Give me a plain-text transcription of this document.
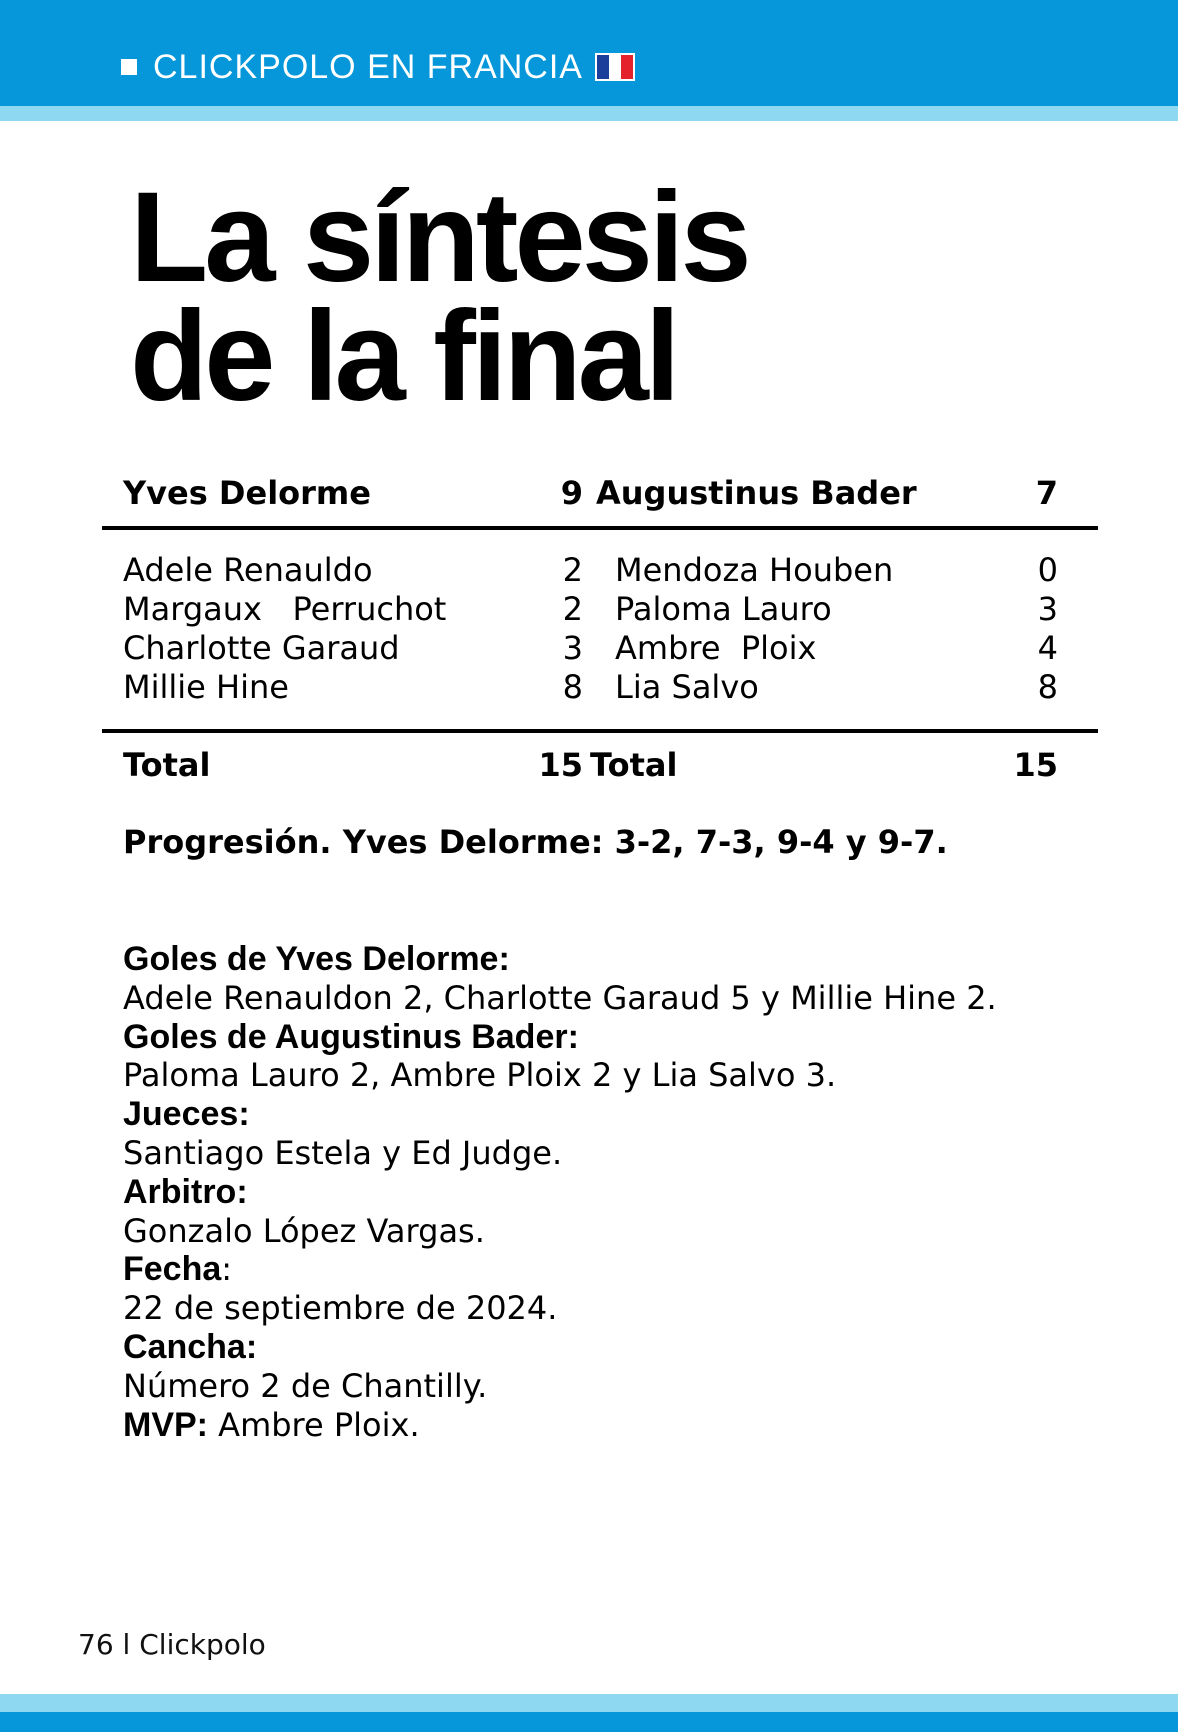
CLICKPOLO EN FRANCIA
La síntesis
de la final
Yves Delorme	9 Augustinus Bader	7
Adele Renauldo	2 Mendoza Houben	0
Margaux   Perruchot	2 Paloma Lauro	3
Charlotte Garaud	3 Ambre  Ploix	4
Millie Hine	8 Lia Salvo	8
Total	15 Total	15
Progresión. Yves Delorme: 3-2, 7-3, 9-4 y 9-7.
Goles de Yves Delorme:
Adele Renauldon 2, Charlotte Garaud 5 y Millie Hine 2.
Goles de Augustinus Bader:
Paloma Lauro 2, Ambre Ploix 2 y Lia Salvo 3.
Jueces:
Santiago Estela y Ed Judge.
Arbitro:
Gonzalo López Vargas.
Fecha:
22 de septiembre de 2024.
Cancha:
Número 2 de Chantilly.
MVP: Ambre Ploix.
76 l Clickpolo
